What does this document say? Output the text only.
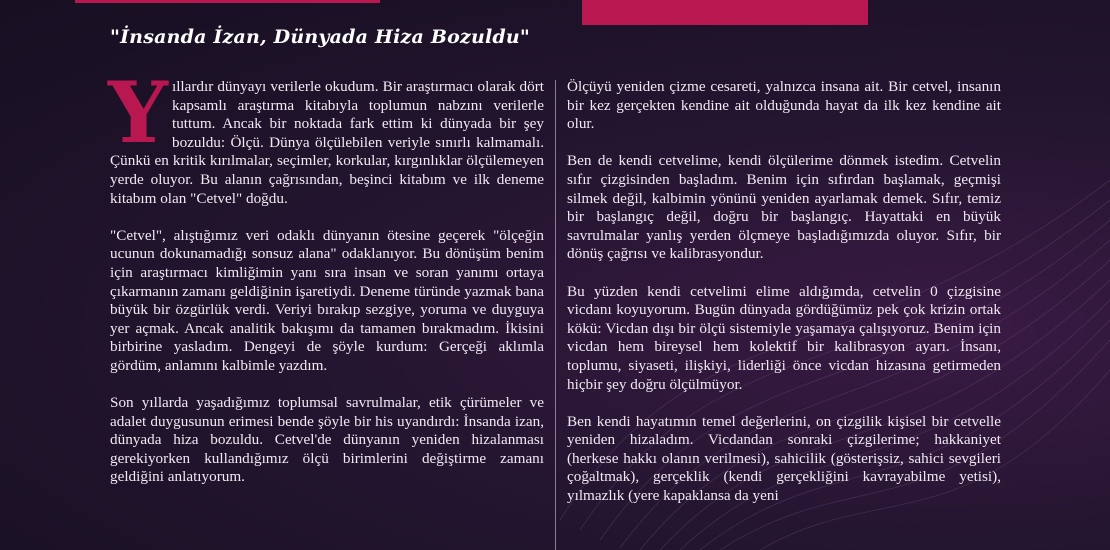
"İnsanda İzan, Dünyada Hiza Bozuldu"

Yıllardır dünyayı verilerle okudum. Bir araştırmacı olarak dört kapsamlı araştırma kitabıyla toplumun nabzını verilerle tuttum. Ancak bir noktada fark ettim ki dünyada bir şey bozuldu: Ölçü. Dünya ölçülebilen veriyle sınırlı kalmamalı. Çünkü en kritik kırılmalar, seçimler, korkular, kırgınlıklar ölçülemeyen yerde oluyor. Bu alanın çağrısından, beşinci kitabım ve ilk deneme kitabım olan "Cetvel" doğdu.

"Cetvel", alıştığımız veri odaklı dünyanın ötesine geçerek "ölçeğin ucunun dokunamadığı sonsuz alana" odaklanıyor. Bu dönüşüm benim için araştırmacı kimliğimin yanı sıra insan ve soran yanımı ortaya çıkarmanın zamanı geldiğinin işaretiydi. Deneme türünde yazmak bana büyük bir özgürlük verdi. Veriyi bırakıp sezgiye, yoruma ve duyguya yer açmak. Ancak analitik bakışımı da tamamen bırakmadım. İkisini birbirine yasladım. Dengeyi de şöyle kurdum: Gerçeği aklımla gördüm, anlamını kalbimle yazdım.

Son yıllarda yaşadığımız toplumsal savrulmalar, etik çürümeler ve adalet duygusunun erimesi bende şöyle bir his uyandırdı: İnsanda izan, dünyada hiza bozuldu. Cetvel'de dünyanın yeniden hizalanması gerekiyorken kullandığımız ölçü birimlerini değiştirme zamanı geldiğini anlatıyorum.

Ölçüyü yeniden çizme cesareti, yalnızca insana ait. Bir cetvel, insanın bir kez gerçekten kendine ait olduğunda hayat da ilk kez kendine ait olur.

Ben de kendi cetvelime, kendi ölçülerime dönmek istedim. Cetvelin sıfır çizgisinden başladım. Benim için sıfırdan başlamak, geçmişi silmek değil, kalbimin yönünü yeniden ayarlamak demek. Sıfır, temiz bir başlangıç değil, doğru bir başlangıç. Hayattaki en büyük savrulmalar yanlış yerden ölçmeye başladığımızda oluyor. Sıfır, bir dönüş çağrısı ve kalibrasyondur.

Bu yüzden kendi cetvelimi elime aldığımda, cetvelin 0 çizgisine vicdanı koyuyorum. Bugün dünyada gördüğümüz pek çok krizin ortak kökü: Vicdan dışı bir ölçü sistemiyle yaşamaya çalışıyoruz. Benim için vicdan hem bireysel hem kolektif bir kalibrasyon ayarı. İnsanı, toplumu, siyaseti, ilişkiyi, liderliği önce vicdan hizasına getirmeden hiçbir şey doğru ölçülmüyor.

Ben kendi hayatımın temel değerlerini, on çizgilik kişisel bir cetvelle yeniden hizaladım. Vicdandan sonraki çizgilerime; hakkaniyet (herkese hakkı olanın verilmesi), sahicilik (gösterişsiz, sahici sevgileri çoğaltmak), gerçeklik (kendi gerçekliğini kavrayabilme yetisi), yılmazlık (yere kapaklansa da yeni
